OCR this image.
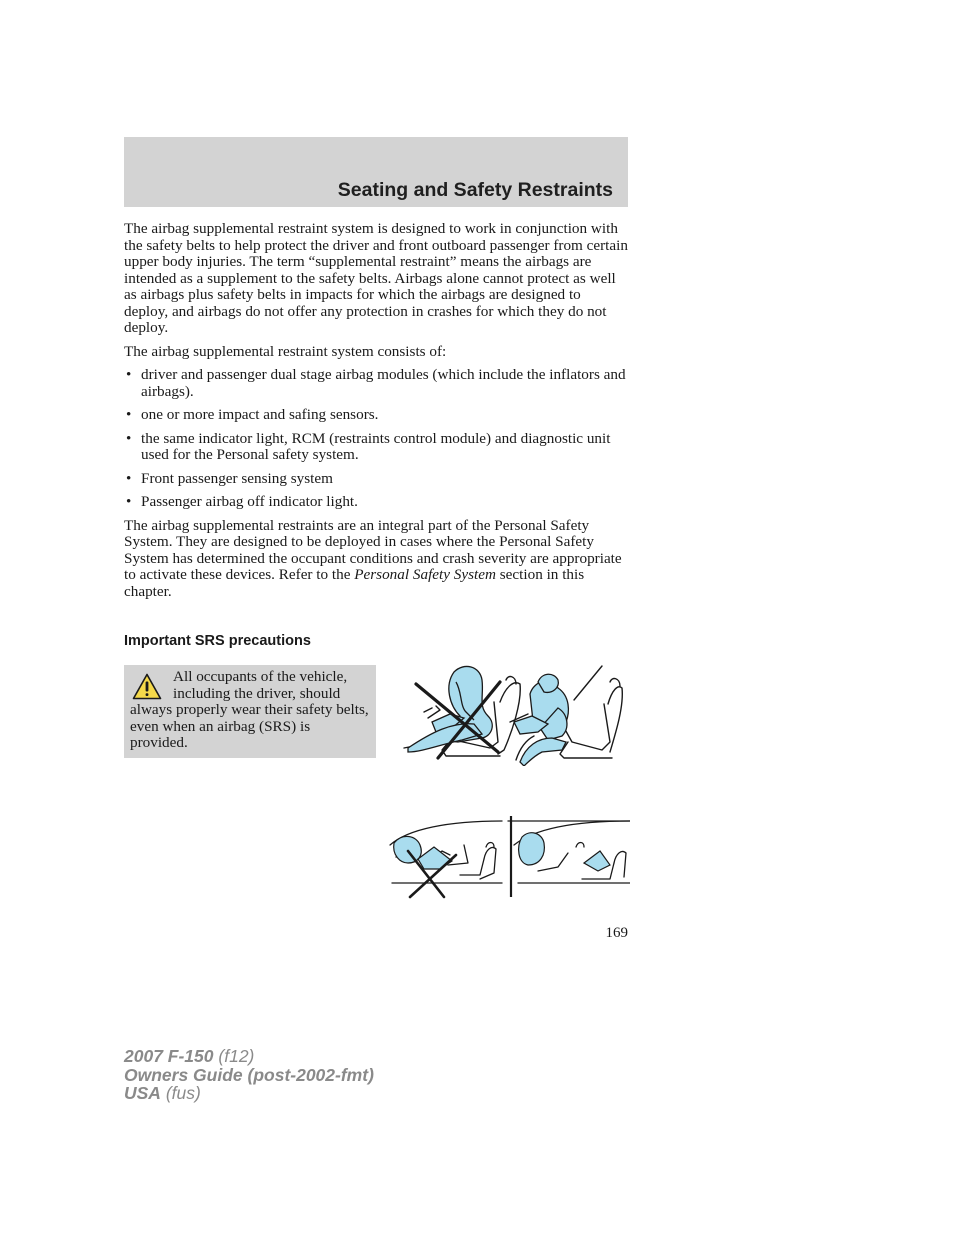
Seating and Safety Restraints

The airbag supplemental restraint system is designed to work in conjunction with the safety belts to help protect the driver and front outboard passenger from certain upper body injuries. The term “supplemental restraint” means the airbags are intended as a supplement to the safety belts. Airbags alone cannot protect as well as airbags plus safety belts in impacts for which the airbags are designed to deploy, and airbags do not offer any protection in crashes for which they do not deploy.

The airbag supplemental restraint system consists of:

• driver and passenger dual stage airbag modules (which include the inflators and airbags).
• one or more impact and safing sensors.
• the same indicator light, RCM (restraints control module) and diagnostic unit used for the Personal safety system.
• Front passenger sensing system
• Passenger airbag off indicator light.

The airbag supplemental restraints are an integral part of the Personal Safety System. They are designed to be deployed in cases where the Personal Safety System has determined the occupant conditions and crash severity are appropriate to activate these devices. Refer to the Personal Safety System section in this chapter.

Important SRS precautions
All occupants of the vehicle, including the driver, should always properly wear their safety belts, even when an airbag (SRS) is provided.
169
2007 F-150 (f12)
Owners Guide (post-2002-fmt)
USA (fus)
